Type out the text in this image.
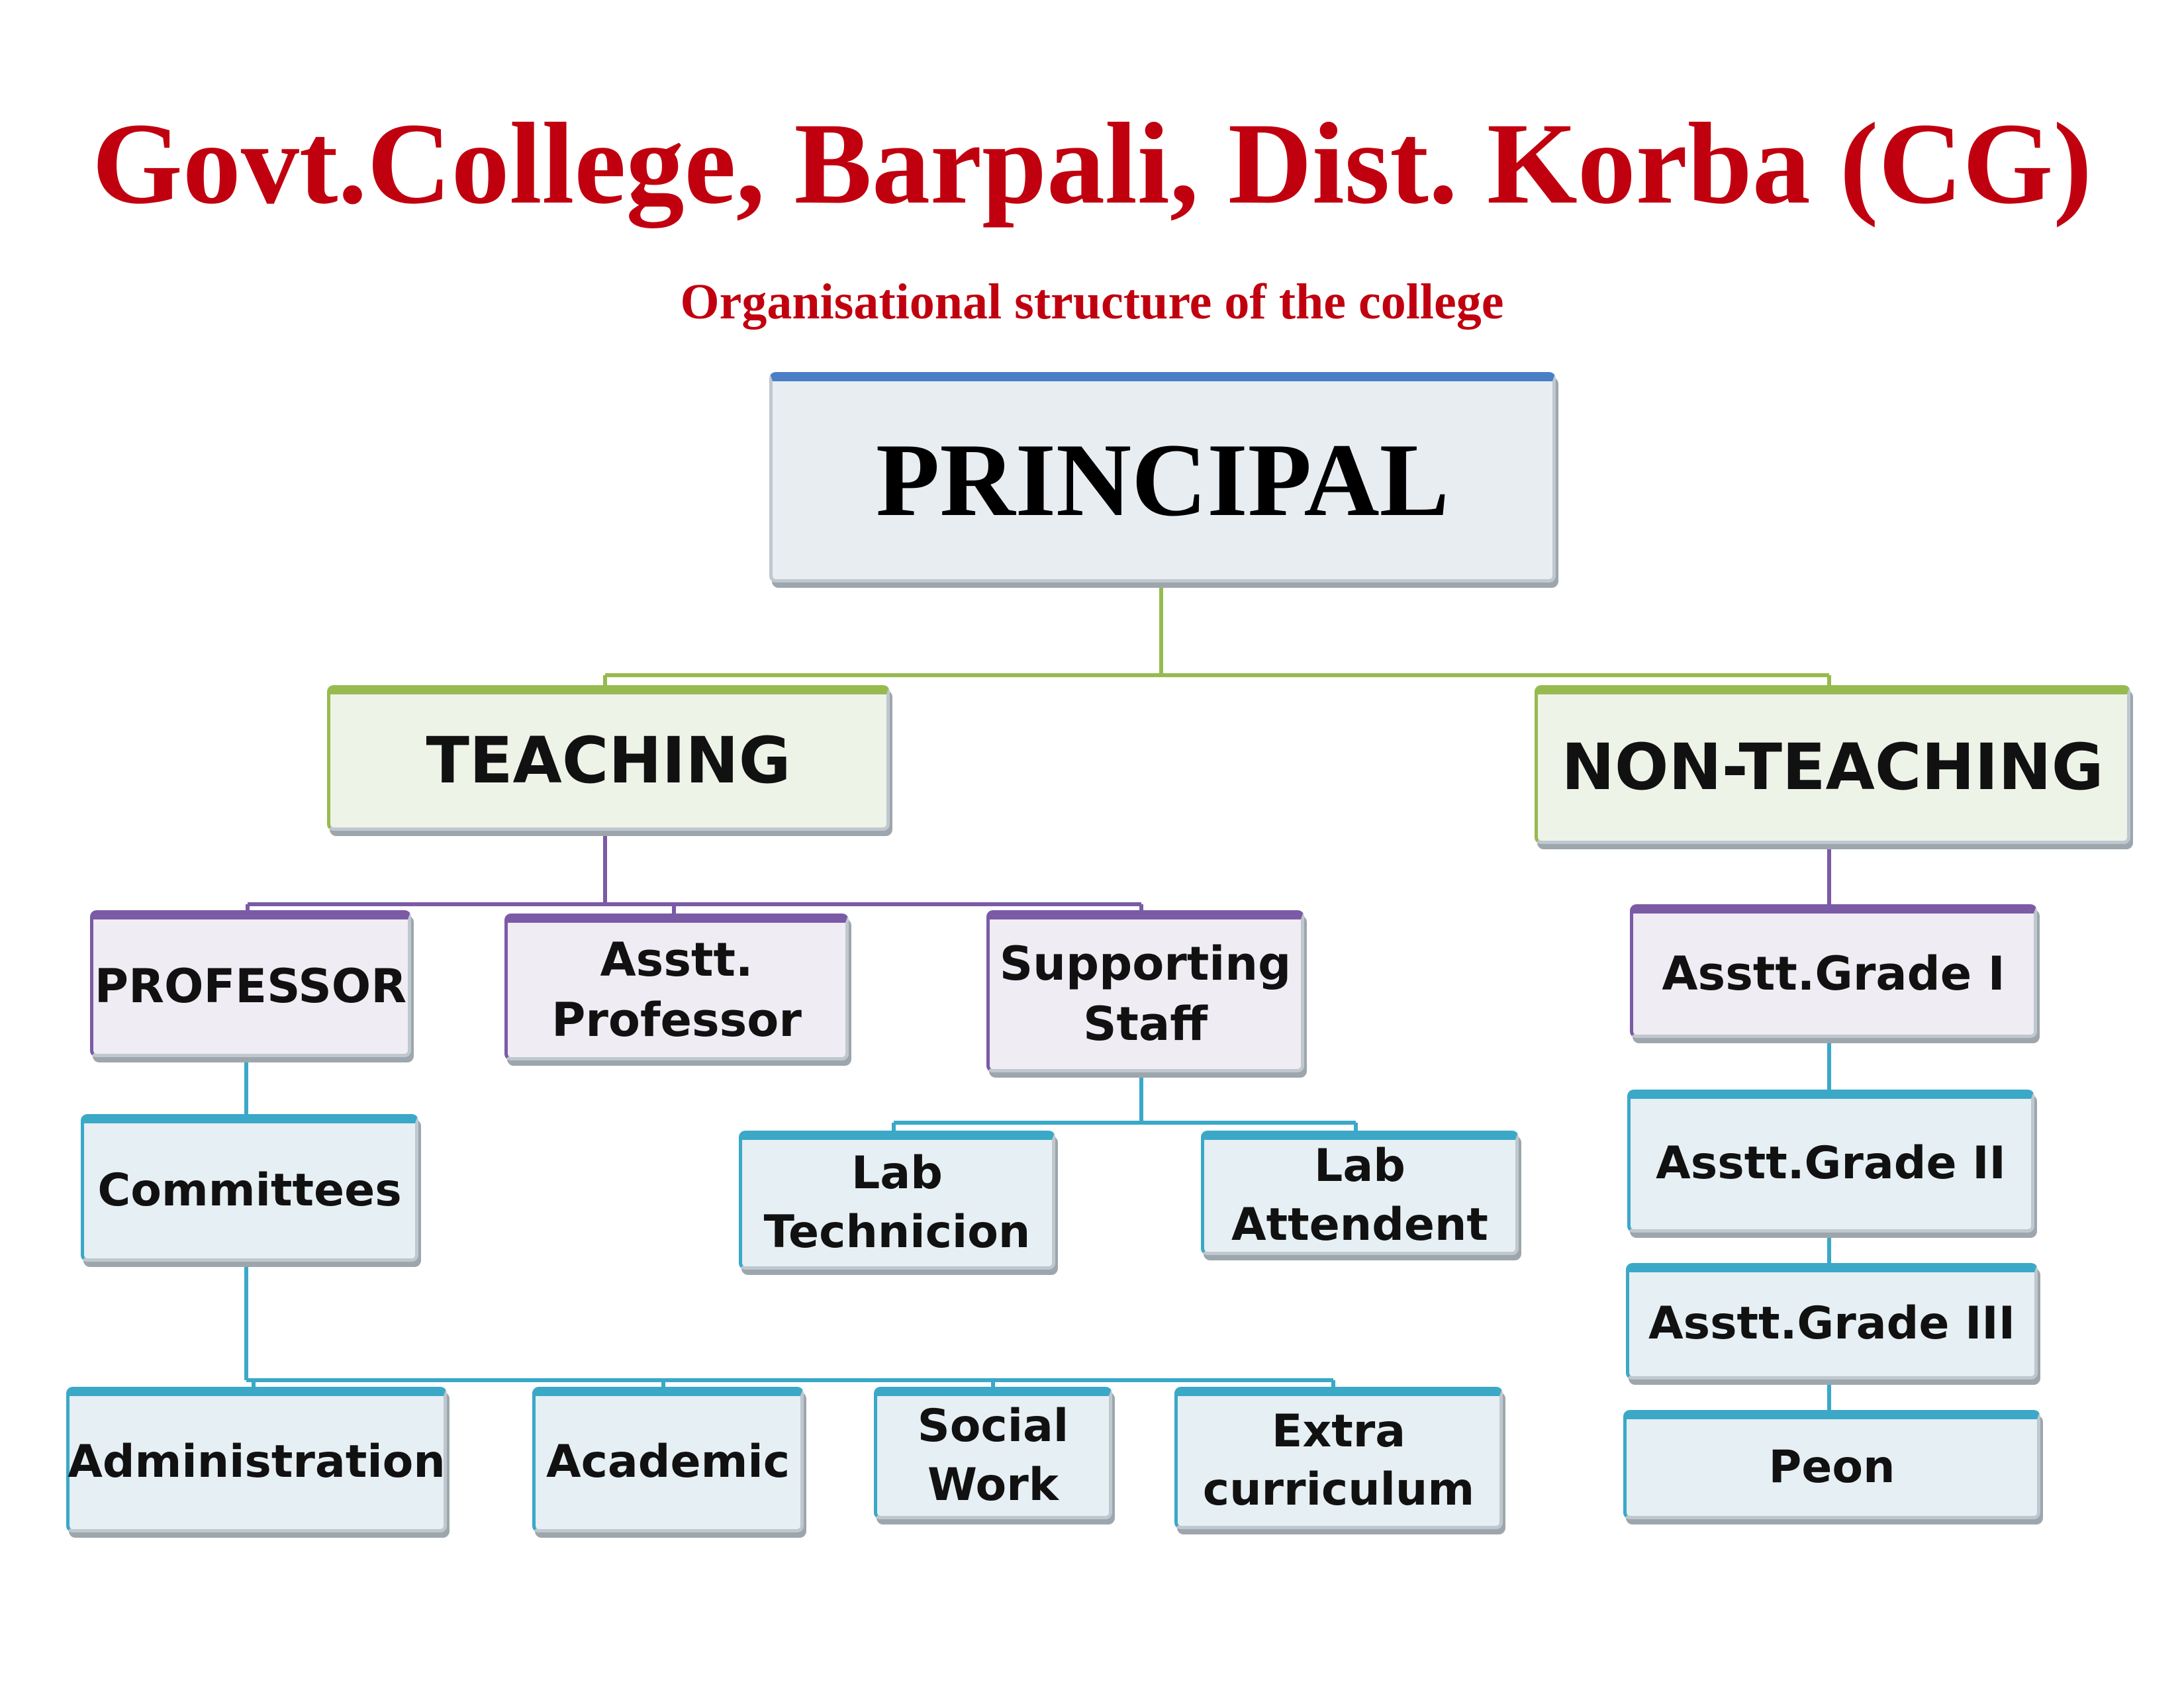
Govt.College, Barpali, Dist. Korba (CG)
Organisational structure of the college
PRINCIPAL
TEACHING	NON-TEACHING
PROFESSOR	Asstt.
Professor
Supporting
Staff
Asstt.Grade I
Committees	Lab
Technicion
Lab
Attendent
Asstt.Grade II
Asstt.Grade III
Peon
Administration Academic
Social
Work
Extra
curriculum
